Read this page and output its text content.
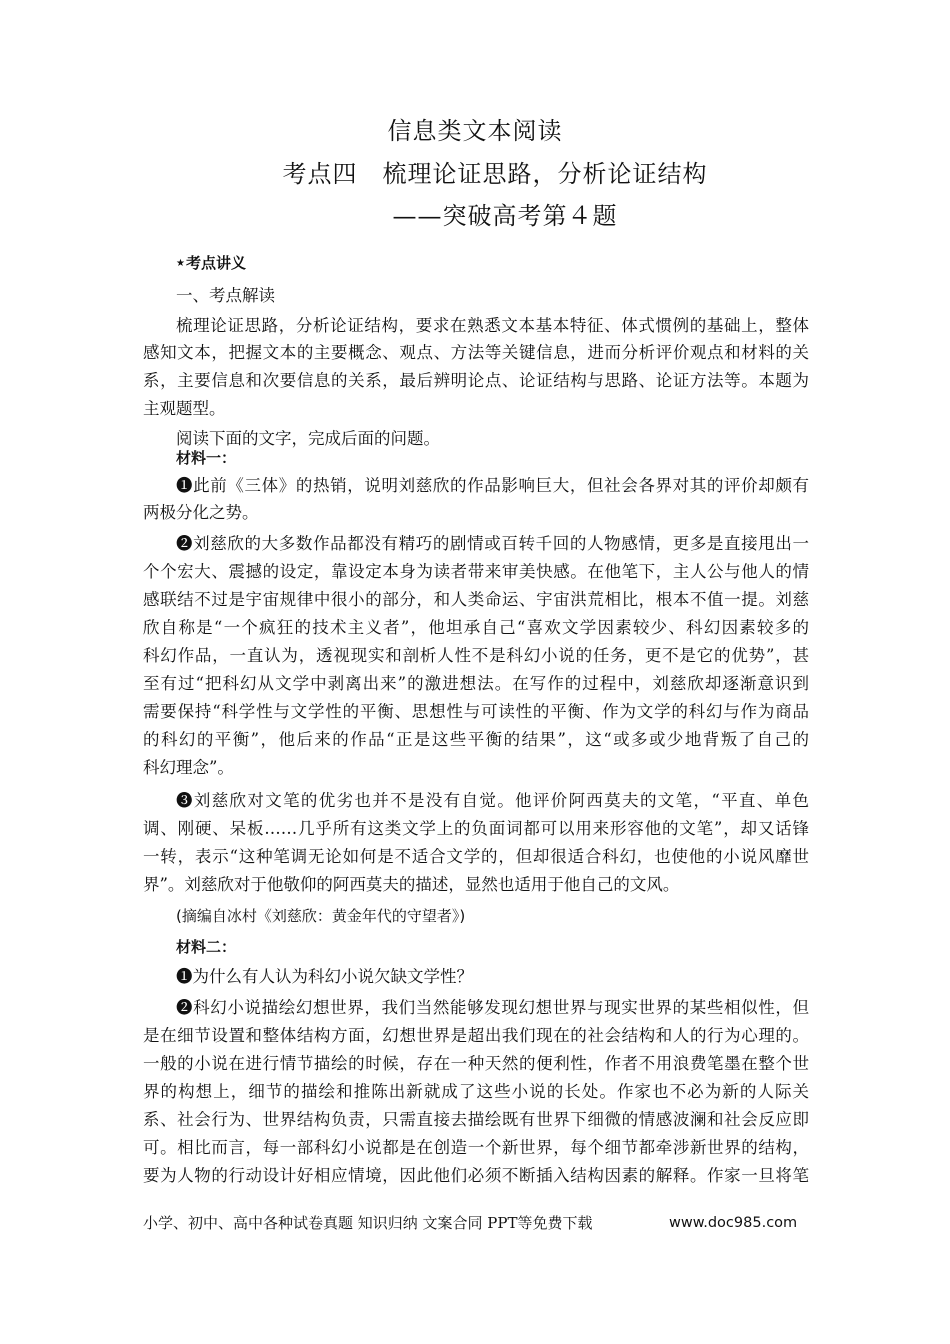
信息类文本阅读
考点四　梳理论证思路，分析论证结构
——突破高考第４题
★考点讲义
一、考点解读
梳理论证思路，分析论证结构，要求在熟悉文本基本特征、体式惯例的基础上，整体
感知文本，把握文本的主要概念、观点、方法等关键信息，进而分析评价观点和材料的关
系，主要信息和次要信息的关系，最后辨明论点、论证结构与思路、论证方法等。本题为
主观题型。
阅读下面的文字，完成后面的问题。
材料一：
❶此前《三体》的热销，说明刘慈欣的作品影响巨大，但社会各界对其的评价却颇有
两极分化之势。
❷刘慈欣的大多数作品都没有精巧的剧情或百转千回的人物感情，更多是直接甩出一
个个宏大、震撼的设定，靠设定本身为读者带来审美快感。在他笔下，主人公与他人的情
感联结不过是宇宙规律中很小的部分，和人类命运、宇宙洪荒相比，根本不值一提。刘慈
欣自称是“一个疯狂的技术主义者”，他坦承自己“喜欢文学因素较少、科幻因素较多的
科幻作品，一直认为，透视现实和剖析人性不是科幻小说的任务，更不是它的优势”，甚
至有过“把科幻从文学中剥离出来”的激进想法。在写作的过程中，刘慈欣却逐渐意识到
需要保持“科学性与文学性的平衡、思想性与可读性的平衡、作为文学的科幻与作为商品
的科幻的平衡”，他后来的作品“正是这些平衡的结果”，这“或多或少地背叛了自己的
科幻理念”。
❸刘慈欣对文笔的优劣也并不是没有自觉。他评价阿西莫夫的文笔，“平直、单色
调、刚硬、呆板……几乎所有这类文学上的负面词都可以用来形容他的文笔”，却又话锋
一转，表示“这种笔调无论如何是不适合文学的，但却很适合科幻，也使他的小说风靡世
界”。刘慈欣对于他敬仰的阿西莫夫的描述，显然也适用于他自己的文风。
(摘编自冰村《刘慈欣：黄金年代的守望者》)
材料二：
❶为什么有人认为科幻小说欠缺文学性？
❷科幻小说描绘幻想世界，我们当然能够发现幻想世界与现实世界的某些相似性，但
是在细节设置和整体结构方面，幻想世界是超出我们现在的社会结构和人的行为心理的。
一般的小说在进行情节描绘的时候，存在一种天然的便利性，作者不用浪费笔墨在整个世
界的构想上，细节的描绘和推陈出新就成了这些小说的长处。作家也不必为新的人际关
系、社会行为、世界结构负责，只需直接去描绘既有世界下细微的情感波澜和社会反应即
可。相比而言，每一部科幻小说都是在创造一个新世界，每个细节都牵涉新世界的结构，
要为人物的行动设计好相应情境，因此他们必须不断插入结构因素的解释。作家一旦将笔
小学、初中、高中各种试卷真题 知识归纳 文案合同 PPT等免费下载	www.doc985.com
